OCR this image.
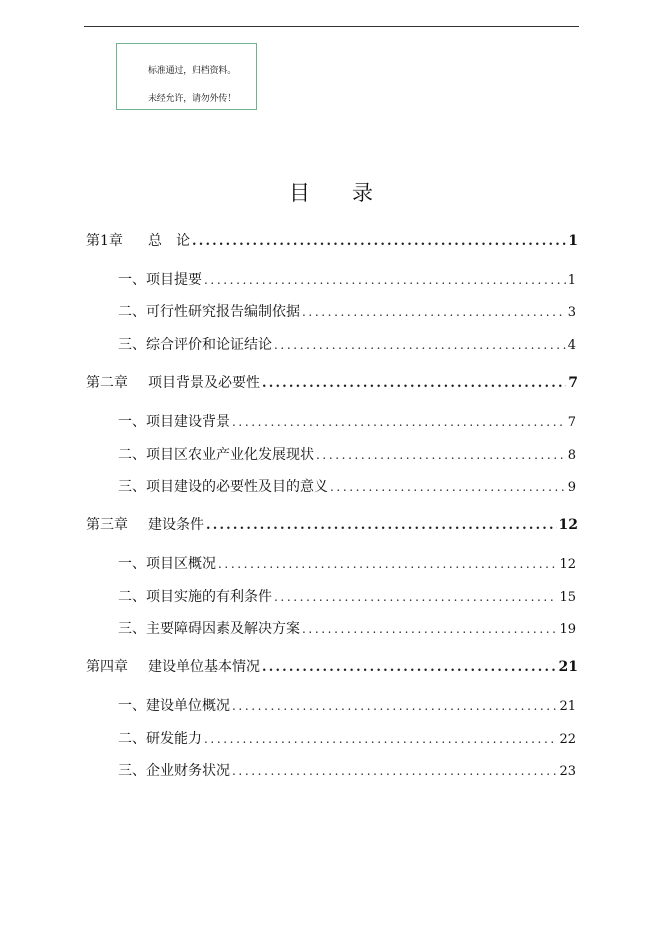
标准通过，归档资料。
未经允许，请勿外传！
目录
第1章	总　论 .....	1
一、 项目提要 .....	1
二、 可行性研究报告编制依据 .....	3
三、 综合评价和论证结论 .....	4
第二章	项目背景及必要性 .....	7
一、 项目建设背景 .....	7
二、 项目区农业产业化发展现状 .....	8
三、 项目建设的必要性及目的意义 .....	9
第三章	建设条件 .....	12
一、 项目区概况 .....	12
二、 项目实施的有利条件 .....	15
三、 主要障碍因素及解决方案 .....	19
第四章	建设单位基本情况 .....	21
一、 建设单位概况 .....	21
二、 研发能力 .....	22
三、 企业财务状况 .....	23
